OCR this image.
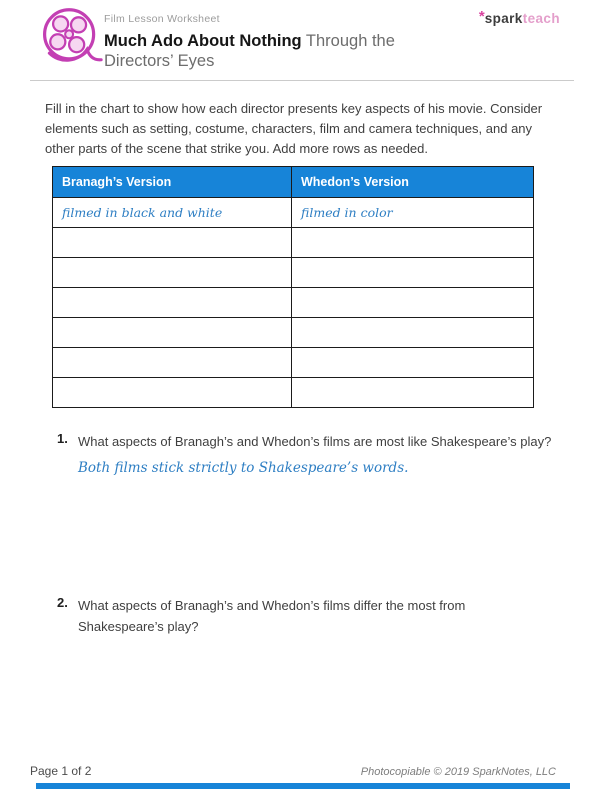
Film Lesson Worksheet
Much Ado About Nothing Through the
Directors’ Eyes
*sparkteach
Fill in the chart to show how each director presents key aspects of his movie. Consider elements such as setting, costume, characters, film and camera techniques, and any other parts of the scene that strike you. Add more rows as needed.
Branagh’s Version	Whedon’s Version
filmed in black and white	filmed in color

1. What aspects of Branagh’s and Whedon’s films are most like Shakespeare’s play?
Both films stick strictly to Shakespeare’s words.
2. What aspects of Branagh’s and Whedon’s films differ the most from Shakespeare’s play?
Page 1 of 2	Photocopiable © 2019 SparkNotes, LLC
